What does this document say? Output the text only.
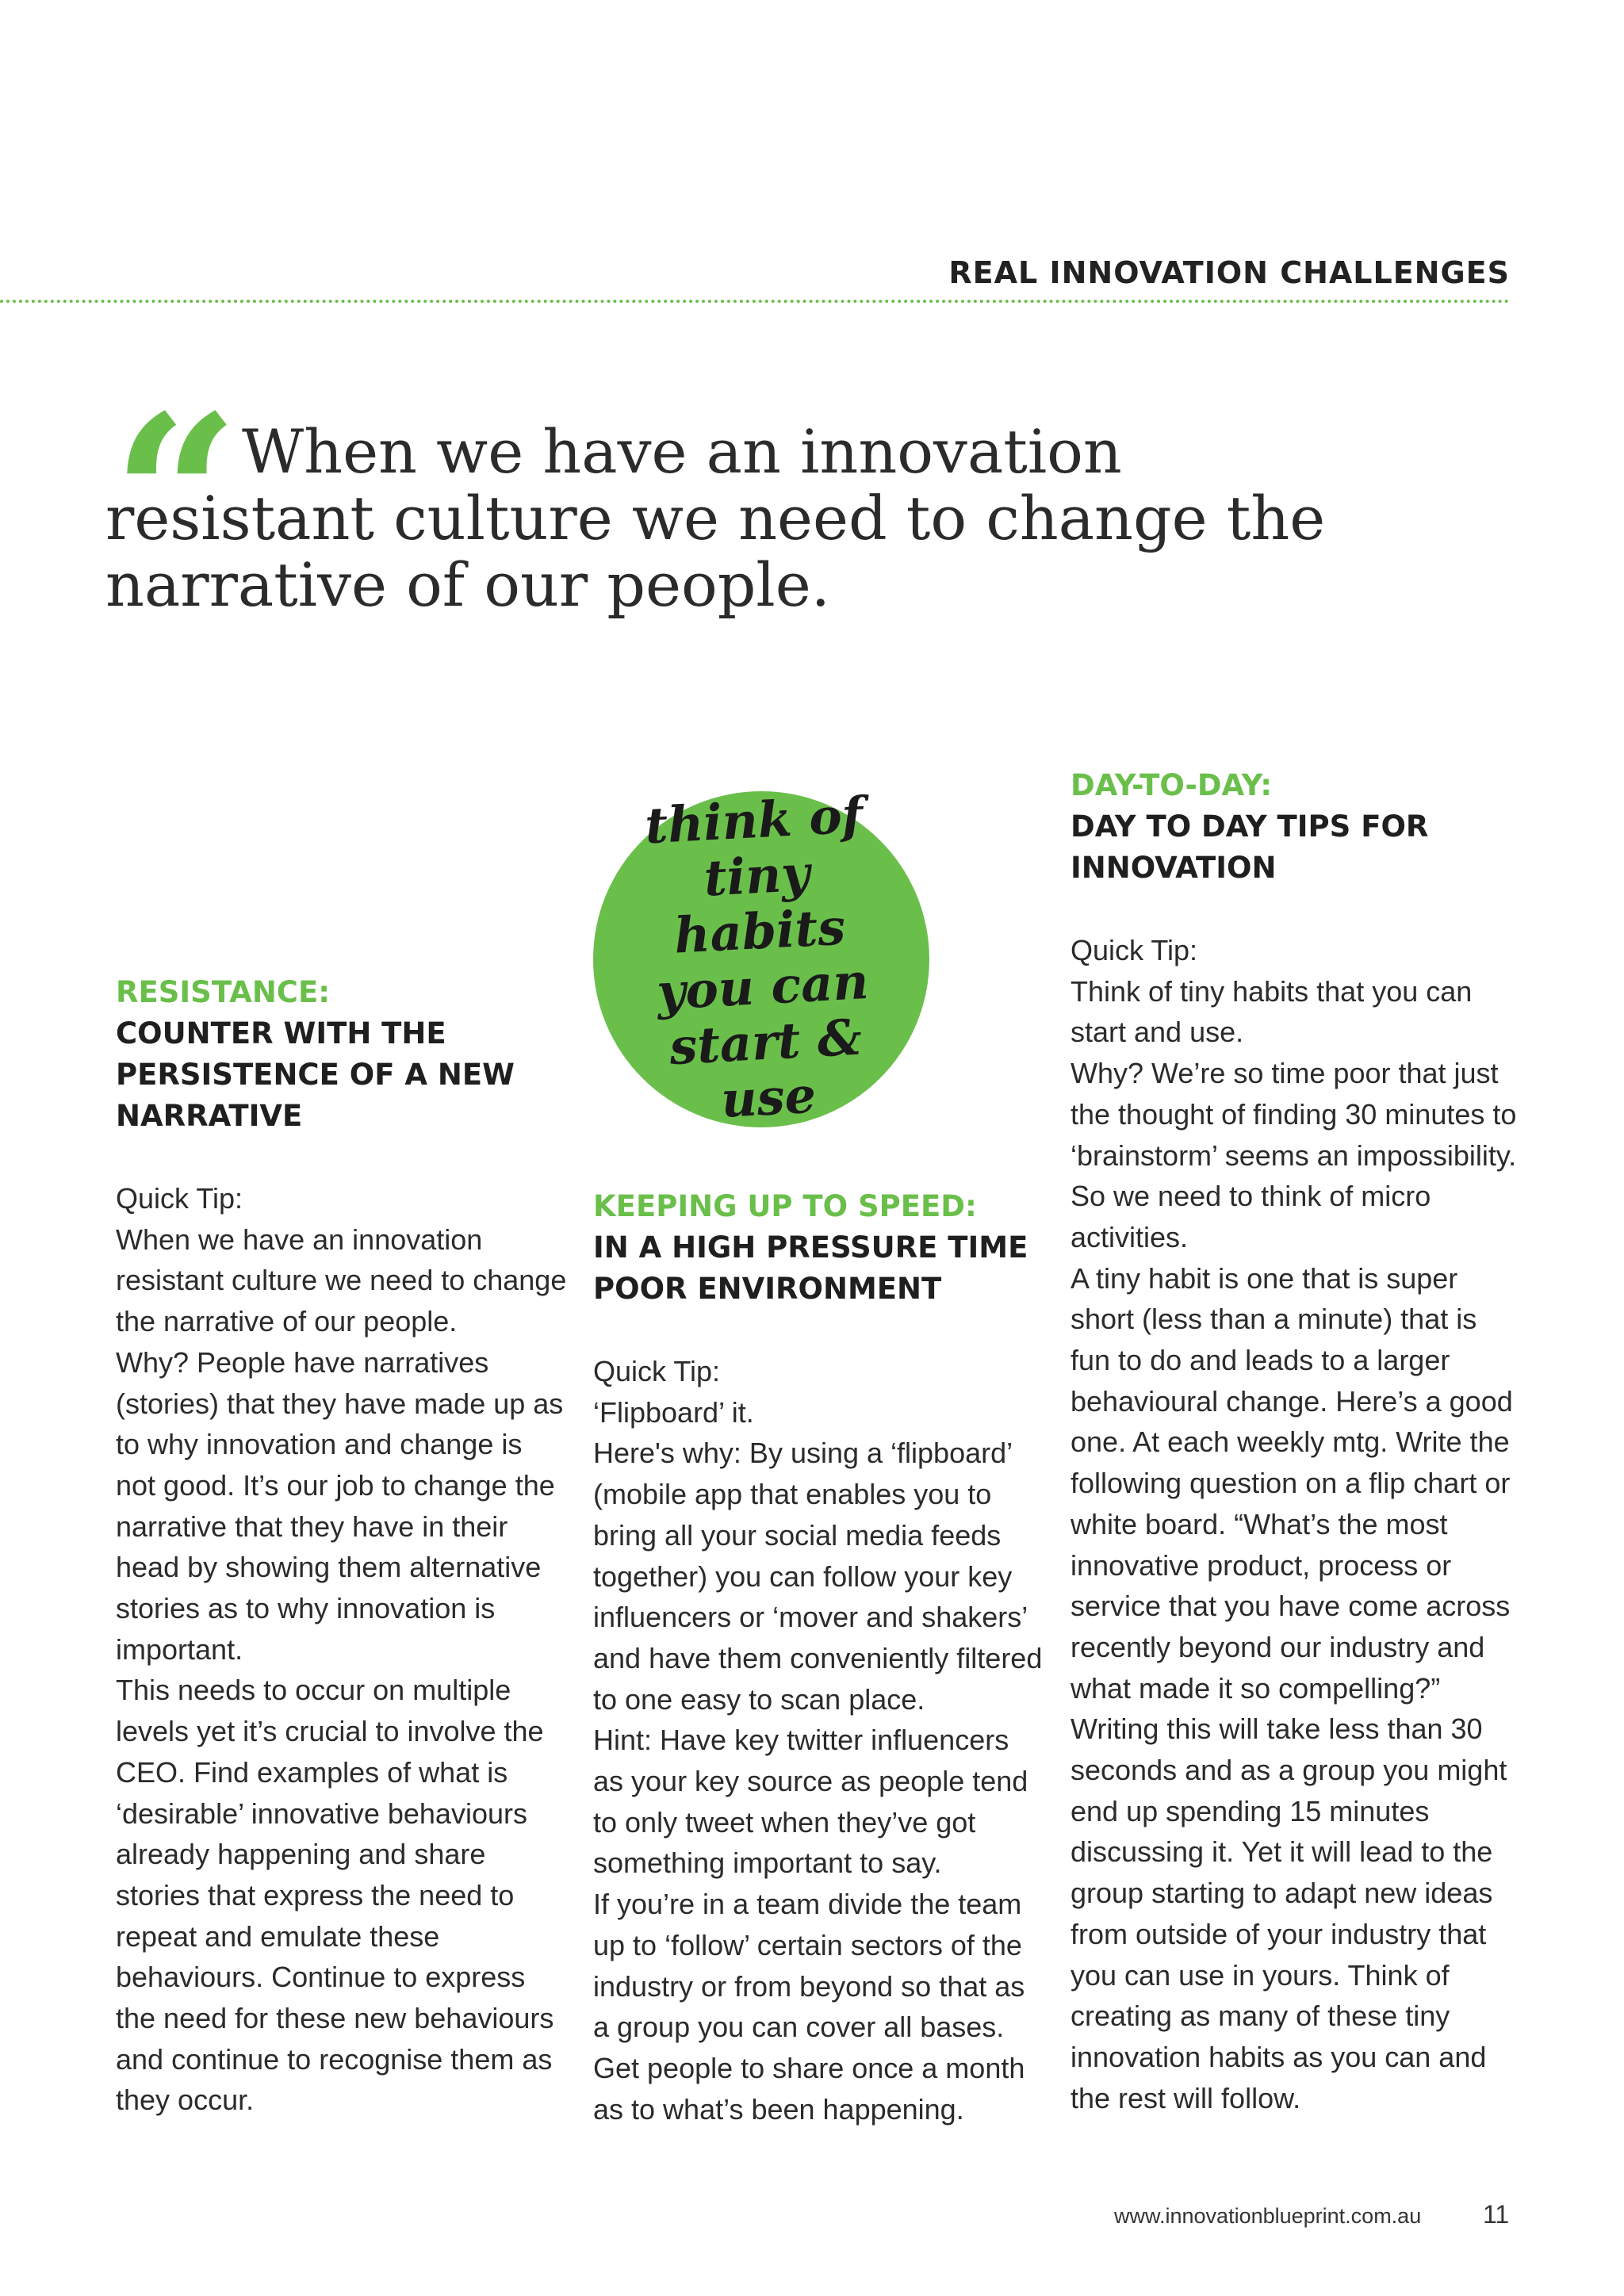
REAL INNOVATION CHALLENGES
“ When we have an innovation resistant culture we need to change the narrative of our people.

think of tiny habits you can start & use
RESISTANCE:
COUNTER WITH THE PERSISTENCE OF A NEW NARRATIVE

Quick Tip:

When we have an innovation resistant culture we need to change the narrative of our people.

Why? People have narratives (stories) that they have made up as to why innovation and change is not good. It’s our job to change the narrative that they have in their head by showing them alternative stories as to why innovation is important.

This needs to occur on multiple levels yet it’s crucial to involve the CEO. Find examples of what is ‘desirable’ innovative behaviours already happening and share stories that express the need to repeat and emulate these behaviours. Continue to express the need for these new behaviours and continue to recognise them as they occur.

KEEPING UP TO SPEED:
IN A HIGH PRESSURE TIME POOR ENVIRONMENT

Quick Tip:

‘Flipboard’ it.

Here's why: By using a ‘flipboard’ (mobile app that enables you to bring all your social media feeds together) you can follow your key influencers or ‘mover and shakers’ and have them conveniently filtered to one easy to scan place.

Hint: Have key twitter influencers as your key source as people tend to only tweet when they’ve got something important to say.

If you’re in a team divide the team up to ‘follow’ certain sectors of the industry or from beyond so that as a group you can cover all bases. Get people to share once a month as to what’s been happening.

DAY-TO-DAY:
DAY TO DAY TIPS FOR INNOVATION

Quick Tip:

Think of tiny habits that you can start and use.

Why? We’re so time poor that just the thought of finding 30 minutes to ‘brainstorm’ seems an impossibility. So we need to think of micro activities.

A tiny habit is one that is super short (less than a minute) that is fun to do and leads to a larger behavioural change. Here’s a good one. At each weekly mtg. Write the following question on a flip chart or white board. “What’s the most innovative product, process or service that you have come across recently beyond our industry and what made it so compelling?”

Writing this will take less than 30 seconds and as a group you might end up spending 15 minutes discussing it. Yet it will lead to the group starting to adapt new ideas from outside of your industry that you can use in yours. Think of creating as many of these tiny innovation habits as you can and the rest will follow.

www.innovationblueprint.com.au 11
